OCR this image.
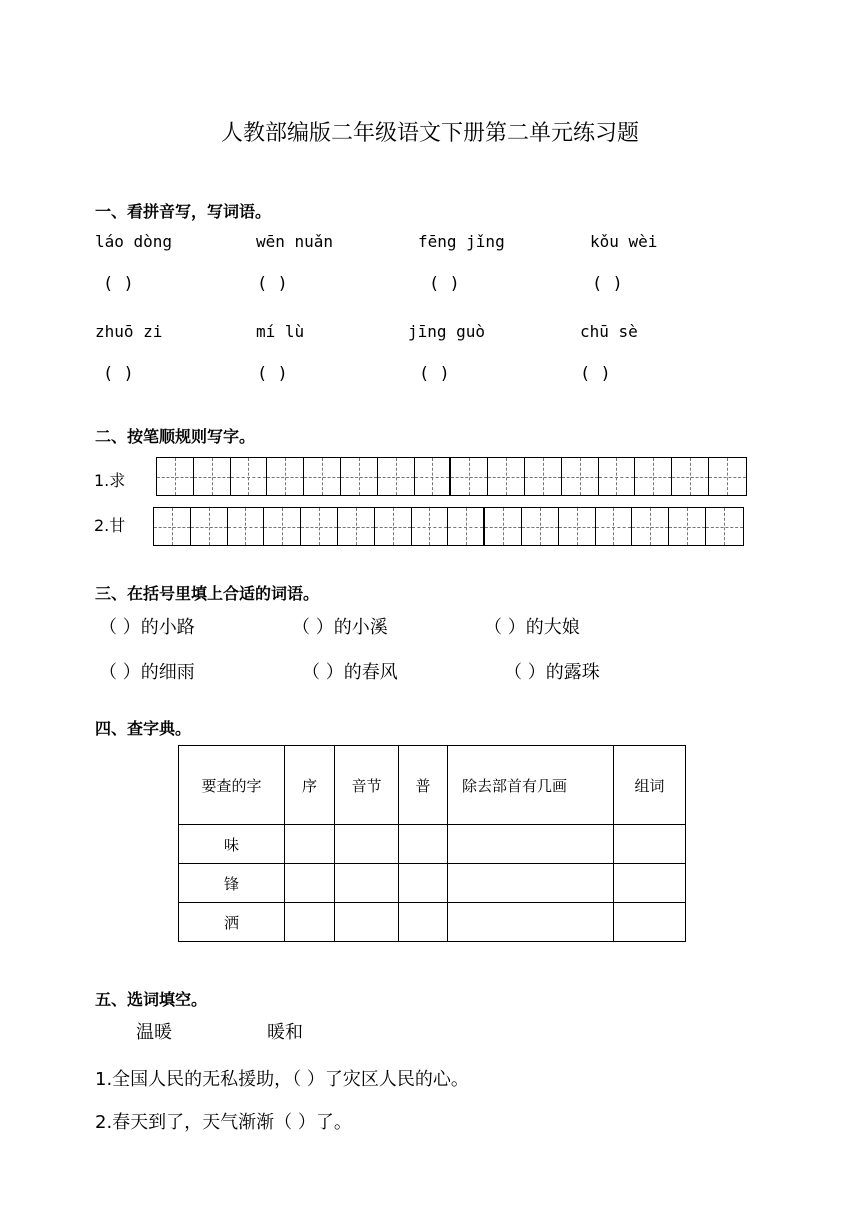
人教部编版二年级语文下册第二单元练习题
一、看拼音写，写词语。
láo dòng	wēn nuǎn	fēng jǐng	kǒu wèi
( )	( )	( )	( )
zhuō zi	mí lù	jīng guò	chū sè
( )	( )	( )	( )
二、按笔顺规则写字。
1.求
2.甘
三、在括号里填上合适的词语。
（ ）的小路	（ ）的小溪	（ ）的大娘
（ ）的细雨	（ ）的春风	（ ）的露珠
四、查字典。
要查的字	序	音节	普	除去部首有几画	组词
味					
锋					
洒					
五、选词填空。
温暖	暖和
1.全国人民的无私援助，（ ）了灾区人民的心。
2.春天到了，天气渐渐（ ）了。
